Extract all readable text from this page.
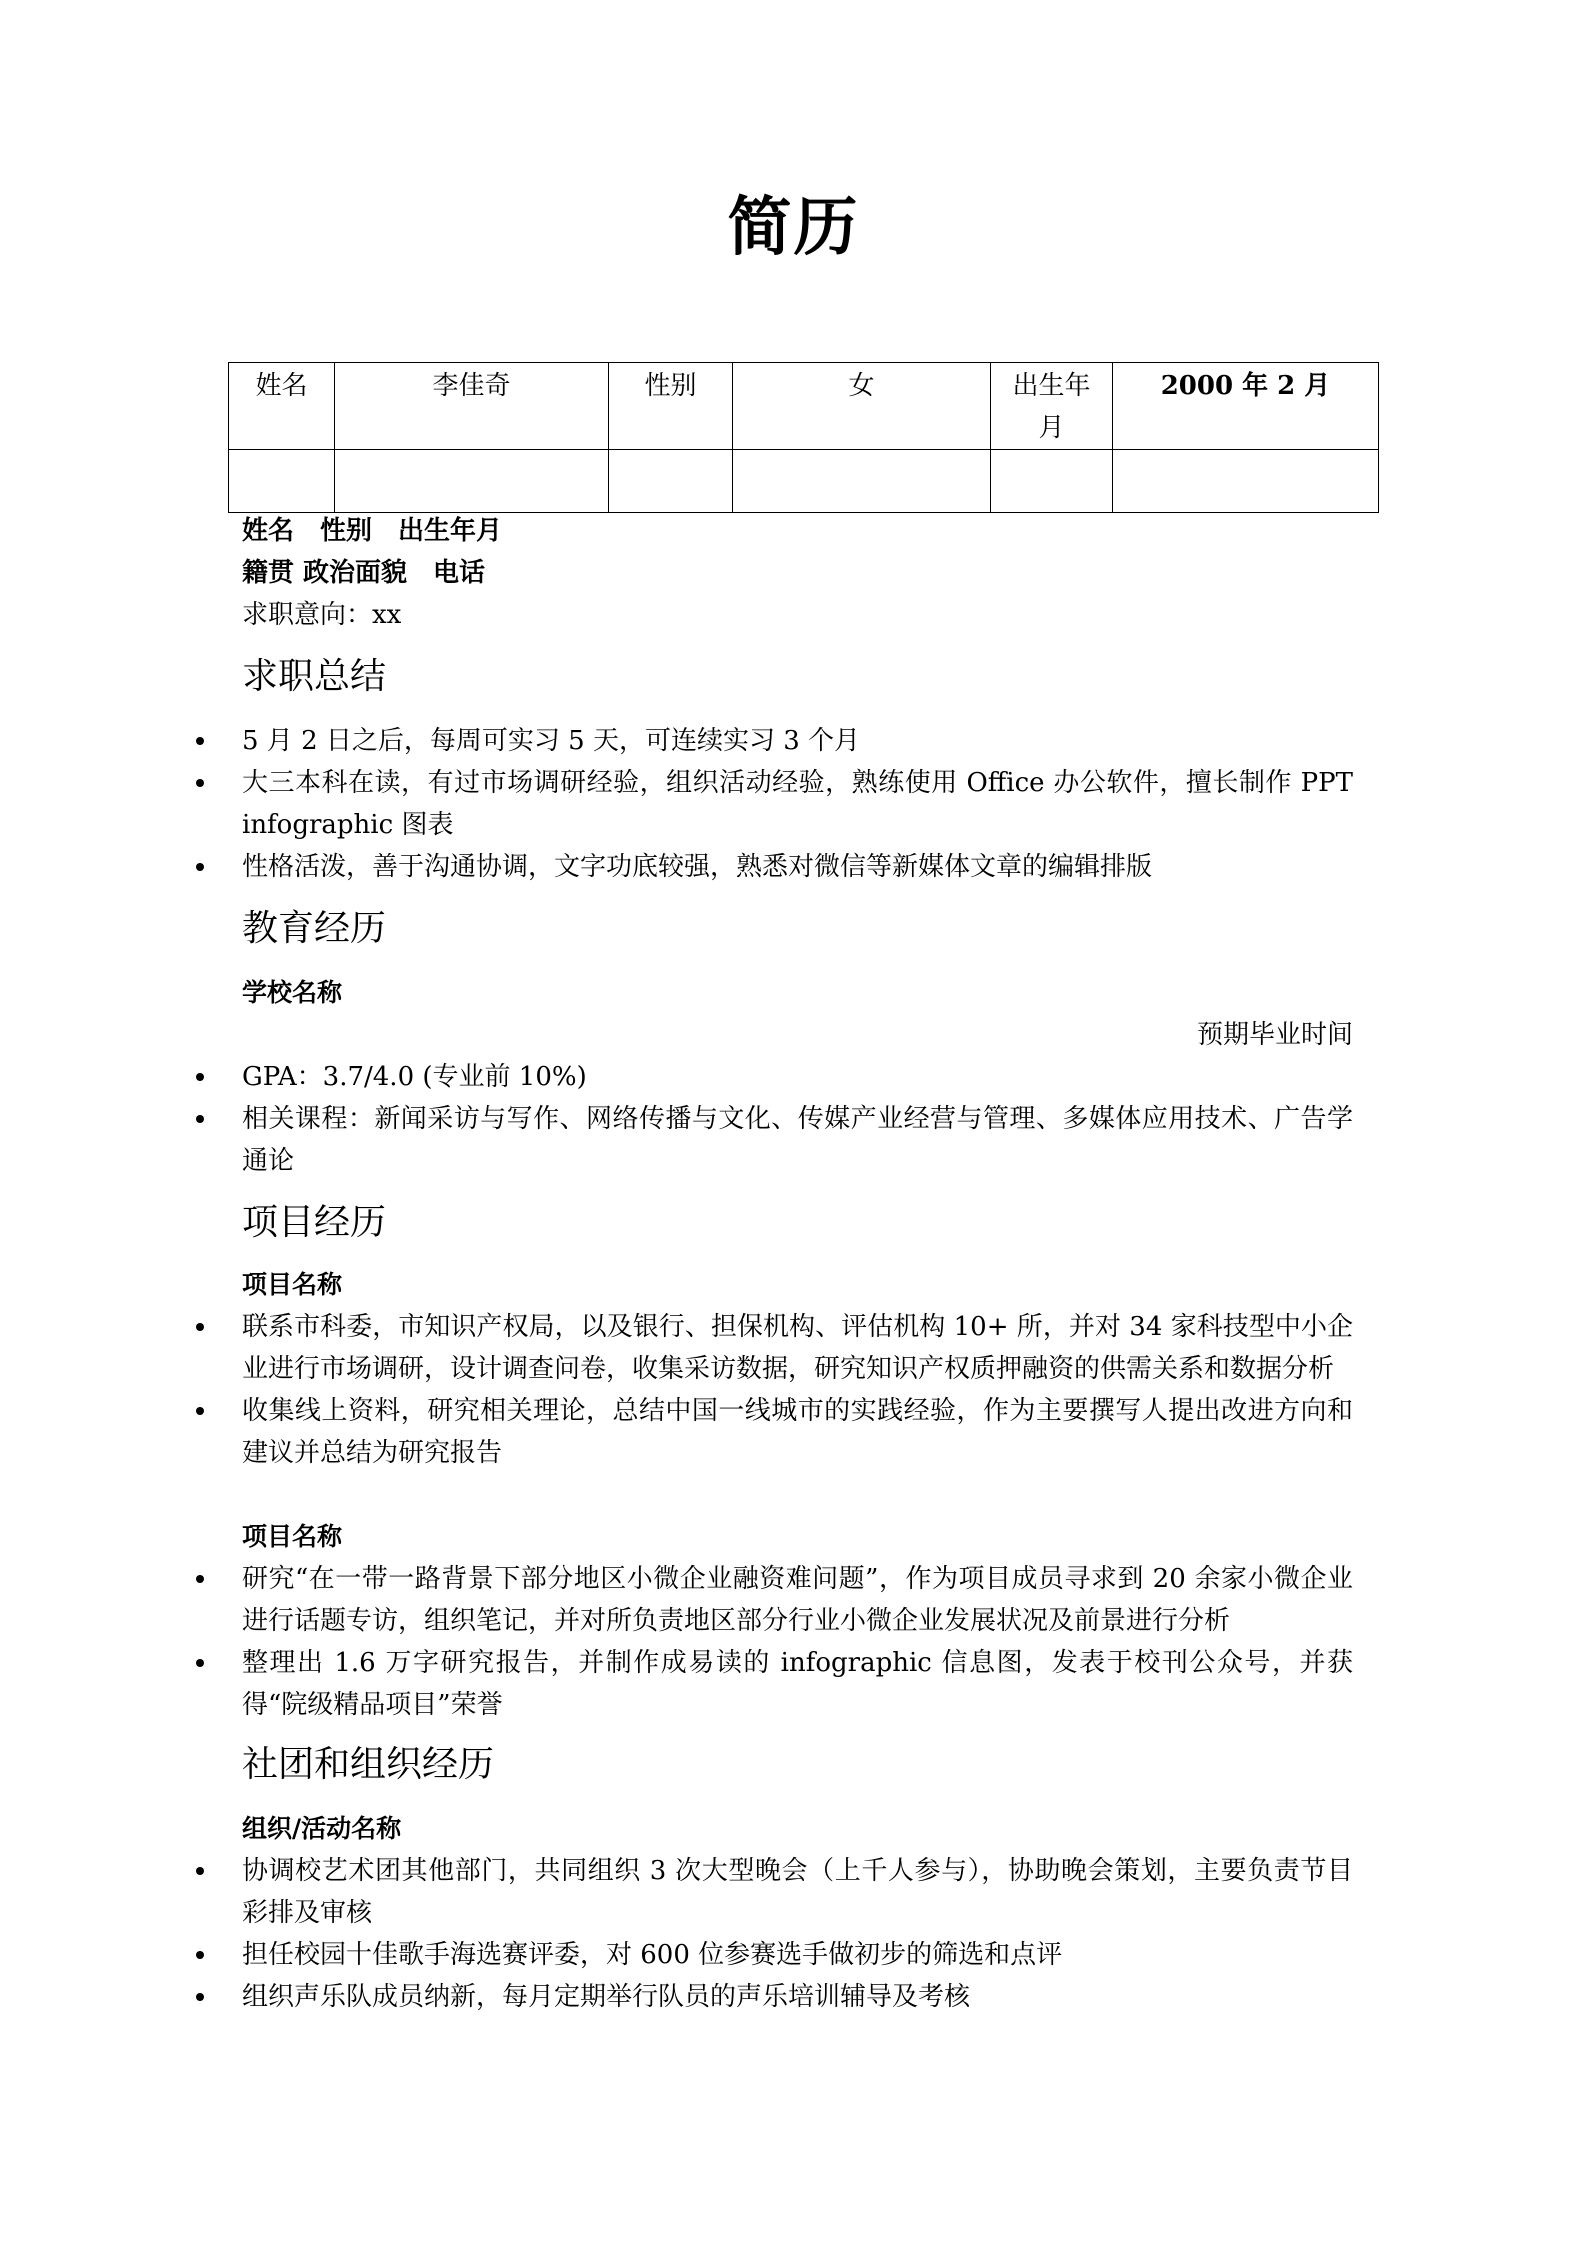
简历
姓名	李佳奇	性别	女	出生年月	2000 年 2 月

姓名　性别　出生年月
籍贯 政治面貌　电话
求职意向：xx
求职总结
5 月 2 日之后，每周可实习 5 天，可连续实习 3 个月
大三本科在读，有过市场调研经验，组织活动经验，熟练使用 Office 办公软件，擅长制作 PPT infographic 图表
性格活泼，善于沟通协调，文字功底较强，熟悉对微信等新媒体文章的编辑排版
教育经历
学校名称
预期毕业时间
GPA：3.7/4.0 (专业前 10%)
相关课程：新闻采访与写作、网络传播与文化、传媒产业经营与管理、多媒体应用技术、广告学通论
项目经历
项目名称
联系市科委，市知识产权局，以及银行、担保机构、评估机构 10+ 所，并对 34 家科技型中小企业进行市场调研，设计调查问卷，收集采访数据，研究知识产权质押融资的供需关系和数据分析
收集线上资料，研究相关理论，总结中国一线城市的实践经验，作为主要撰写人提出改进方向和建议并总结为研究报告
项目名称
研究“在一带一路背景下部分地区小微企业融资难问题”，作为项目成员寻求到 20 余家小微企业进行话题专访，组织笔记，并对所负责地区部分行业小微企业发展状况及前景进行分析
整理出 1.6 万字研究报告，并制作成易读的 infographic 信息图，发表于校刊公众号，并获得“院级精品项目”荣誉
社团和组织经历
组织/活动名称
协调校艺术团其他部门，共同组织 3 次大型晚会（上千人参与），协助晚会策划，主要负责节目彩排及审核
担任校园十佳歌手海选赛评委，对 600 位参赛选手做初步的筛选和点评
组织声乐队成员纳新，每月定期举行队员的声乐培训辅导及考核
